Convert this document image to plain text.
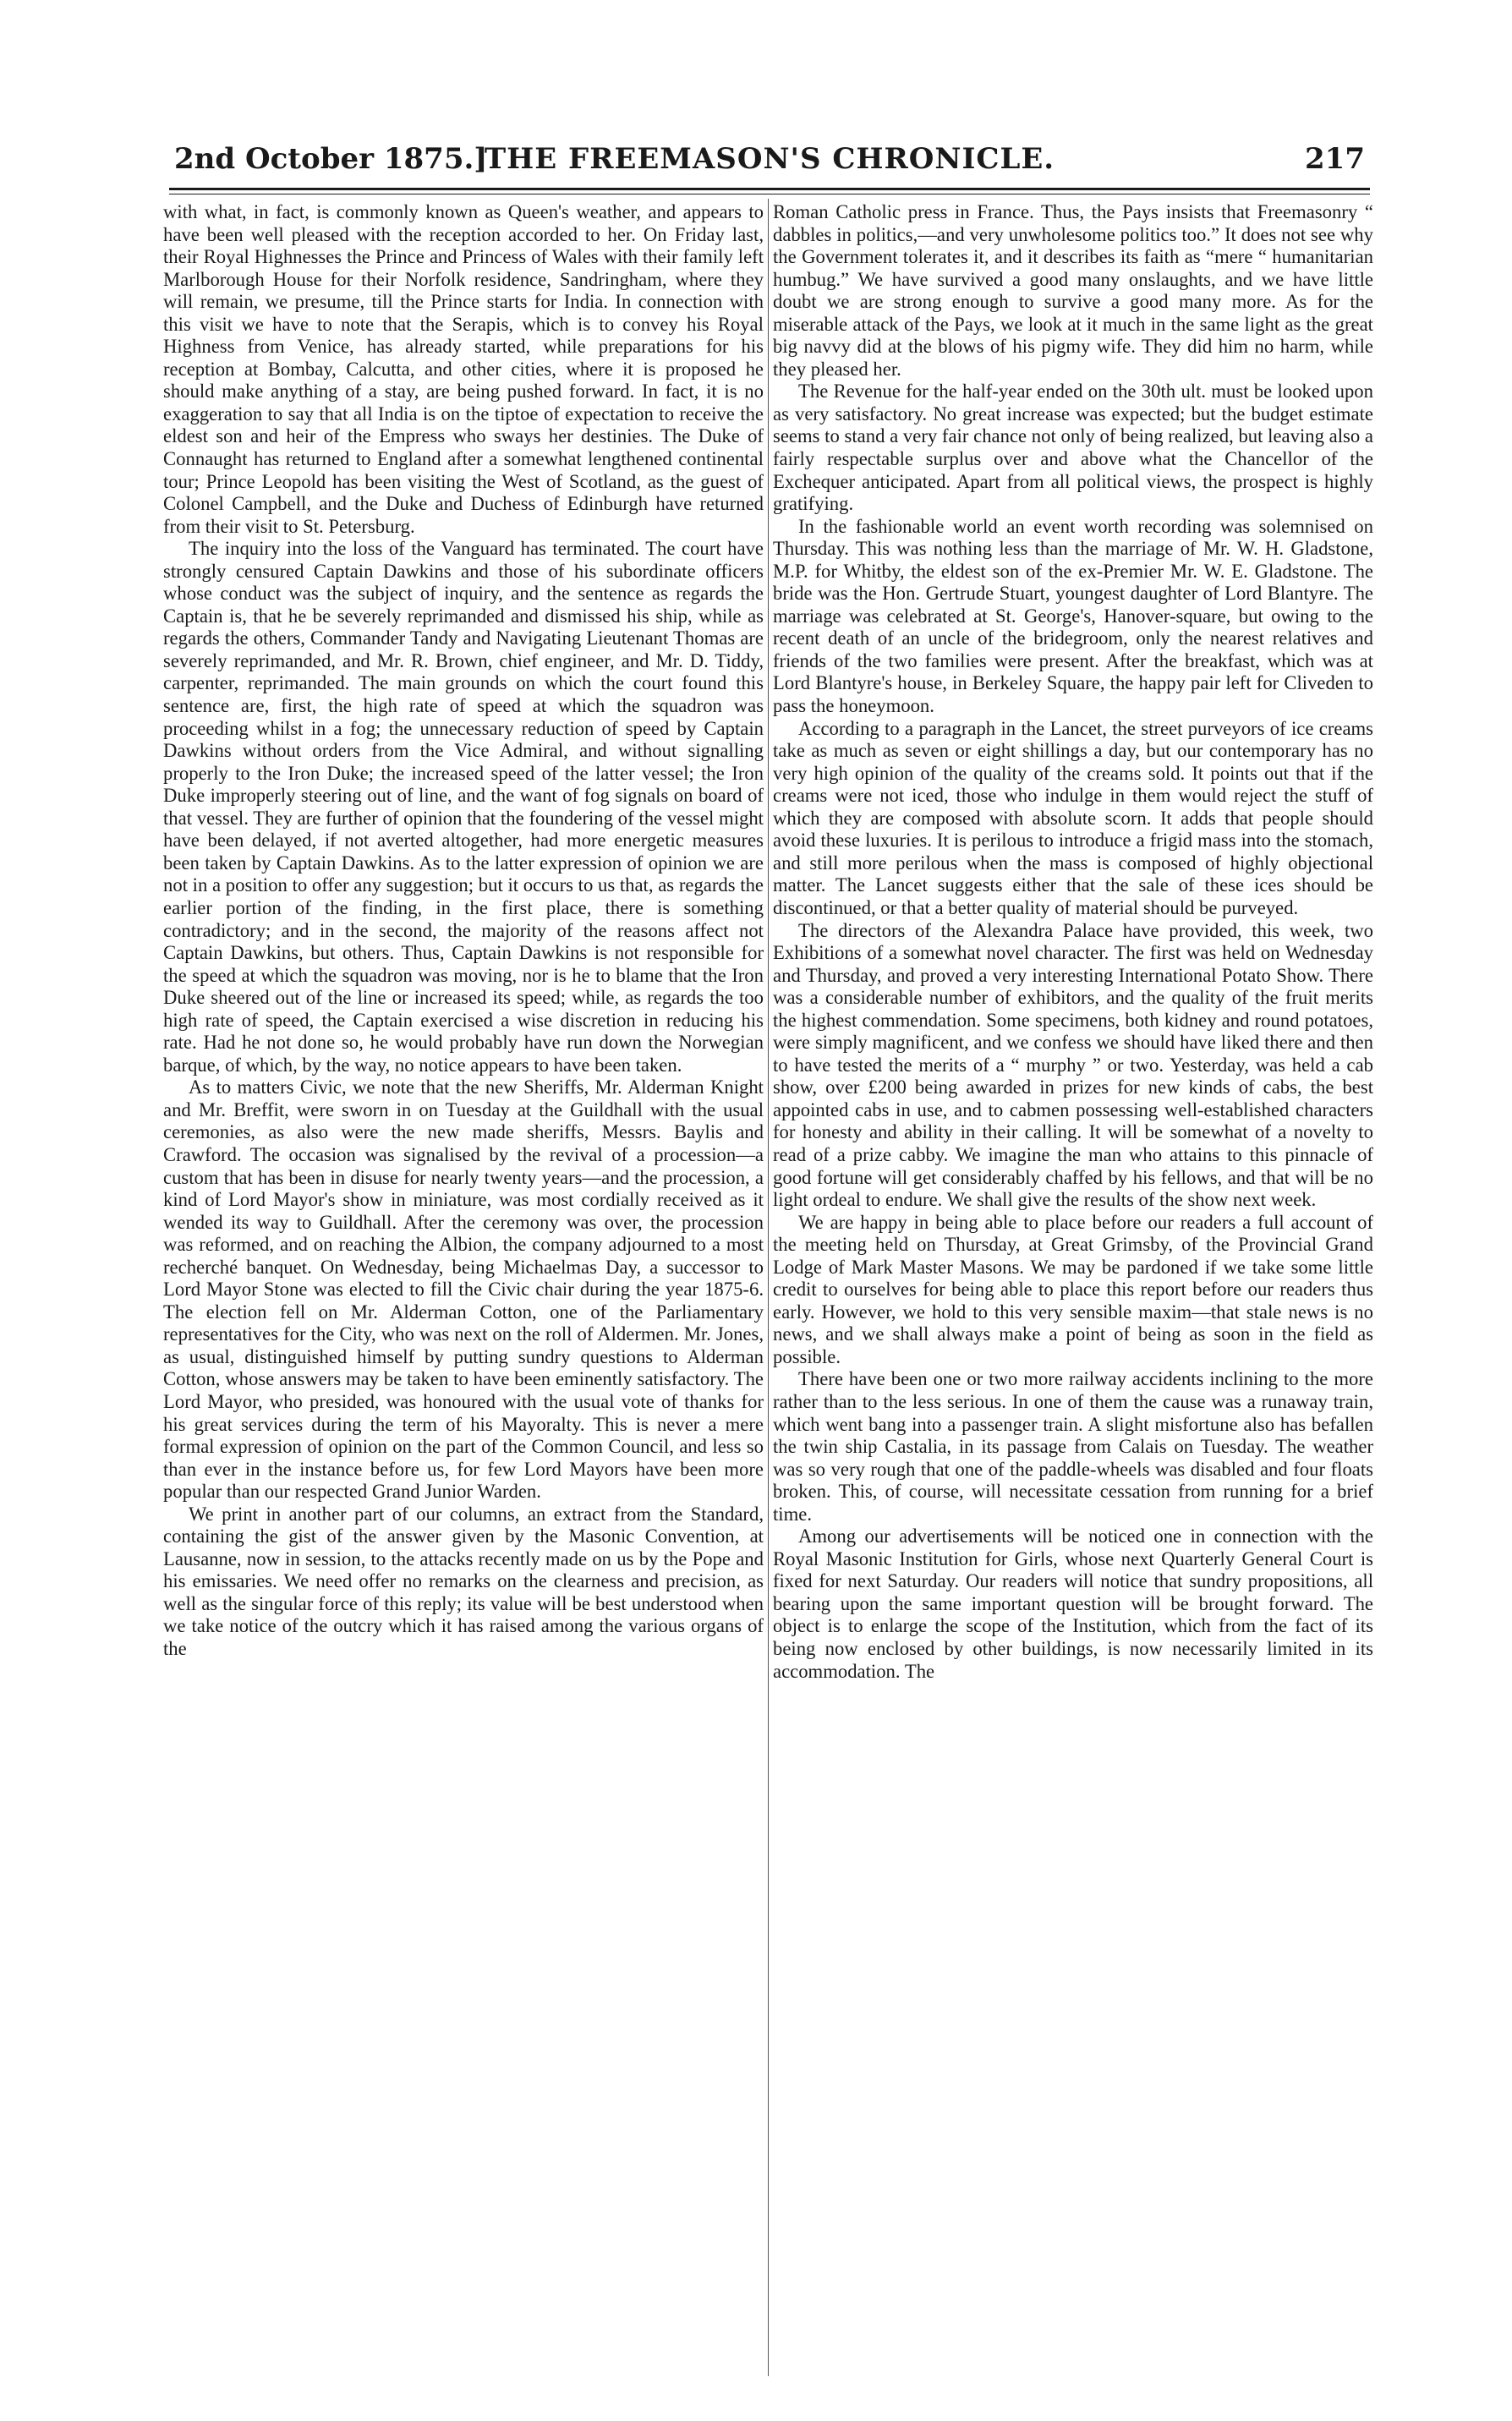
2nd October 1875.]
THE FREEMASON'S CHRONICLE.	217

with what, in fact, is commonly known as Queen's weather, and appears to have been well pleased with the reception accorded to her. On Friday last, their Royal Highnesses the Prince and Princess of Wales with their family left Marlborough House for their Norfolk residence, Sandringham, where they will remain, we presume, till the Prince starts for India. In connection with this visit we have to note that the Serapis, which is to convey his Royal Highness from Venice, has already started, while preparations for his reception at Bombay, Calcutta, and other cities, where it is proposed he should make anything of a stay, are being pushed forward. In fact, it is no exaggeration to say that all India is on the tiptoe of expectation to receive the eldest son and heir of the Empress who sways her destinies. The Duke of Connaught has returned to England after a somewhat lengthened continental tour; Prince Leopold has been visiting the West of Scotland, as the guest of Colonel Campbell, and the Duke and Duchess of Edinburgh have returned from their visit to St. Petersburg.

The inquiry into the loss of the Vanguard has terminated. The court have strongly censured Captain Dawkins and those of his subordinate officers whose conduct was the subject of inquiry, and the sentence as regards the Captain is, that he be severely reprimanded and dismissed his ship, while as regards the others, Commander Tandy and Navigating Lieutenant Thomas are severely reprimanded, and Mr. R. Brown, chief engineer, and Mr. D. Tiddy, carpenter, reprimanded. The main grounds on which the court found this sentence are, first, the high rate of speed at which the squadron was proceeding whilst in a fog; the unnecessary reduction of speed by Captain Dawkins without orders from the Vice Admiral, and without signalling properly to the Iron Duke; the increased speed of the latter vessel; the Iron Duke improperly steering out of line, and the want of fog signals on board of that vessel. They are further of opinion that the foundering of the vessel might have been delayed, if not averted altogether, had more energetic measures been taken by Captain Dawkins. As to the latter expression of opinion we are not in a position to offer any suggestion; but it occurs to us that, as regards the earlier portion of the finding, in the first place, there is something contradictory; and in the second, the majority of the reasons affect not Captain Dawkins, but others. Thus, Captain Dawkins is not responsible for the speed at which the squadron was moving, nor is he to blame that the Iron Duke sheered out of the line or increased its speed; while, as regards the too high rate of speed, the Captain exercised a wise discretion in reducing his rate. Had he not done so, he would probably have run down the Norwegian barque, of which, by the way, no notice appears to have been taken.

As to matters Civic, we note that the new Sheriffs, Mr. Alderman Knight and Mr. Breffit, were sworn in on Tuesday at the Guildhall with the usual ceremonies, as also were the new made sheriffs, Messrs. Baylis and Crawford. The occasion was signalised by the revival of a procession—a custom that has been in disuse for nearly twenty years—and the procession, a kind of Lord Mayor's show in miniature, was most cordially received as it wended its way to Guildhall. After the ceremony was over, the procession was reformed, and on reaching the Albion, the company adjourned to a most recherché banquet. On Wednesday, being Michaelmas Day, a successor to Lord Mayor Stone was elected to fill the Civic chair during the year 1875-6. The election fell on Mr. Alderman Cotton, one of the Parliamentary representatives for the City, who was next on the roll of Aldermen. Mr. Jones, as usual, distinguished himself by putting sundry questions to Alderman Cotton, whose answers may be taken to have been eminently satisfactory. The Lord Mayor, who presided, was honoured with the usual vote of thanks for his great services during the term of his Mayoralty. This is never a mere formal expression of opinion on the part of the Common Council, and less so than ever in the instance before us, for few Lord Mayors have been more popular than our respected Grand Junior Warden.

We print in another part of our columns, an extract from the Standard, containing the gist of the answer given by the Masonic Convention, at Lausanne, now in session, to the attacks recently made on us by the Pope and his emissaries. We need offer no remarks on the clearness and precision, as well as the singular force of this reply; its value will be best understood when we take notice of the outcry which it has raised among the various organs of the

Roman Catholic press in France. Thus, the Pays insists that Freemasonry “ dabbles in politics,—and very unwholesome politics too.” It does not see why the Government tolerates it, and it describes its faith as “mere “ humanitarian humbug.” We have survived a good many onslaughts, and we have little doubt we are strong enough to survive a good many more. As for the miserable attack of the Pays, we look at it much in the same light as the great big navvy did at the blows of his pigmy wife. They did him no harm, while they pleased her.

The Revenue for the half-year ended on the 30th ult. must be looked upon as very satisfactory. No great increase was expected; but the budget estimate seems to stand a very fair chance not only of being realized, but leaving also a fairly respectable surplus over and above what the Chancellor of the Exchequer anticipated. Apart from all political views, the prospect is highly gratifying.

In the fashionable world an event worth recording was solemnised on Thursday. This was nothing less than the marriage of Mr. W. H. Gladstone, M.P. for Whitby, the eldest son of the ex-Premier Mr. W. E. Gladstone. The bride was the Hon. Gertrude Stuart, youngest daughter of Lord Blantyre. The marriage was celebrated at St. George's, Hanover-square, but owing to the recent death of an uncle of the bridegroom, only the nearest relatives and friends of the two families were present. After the breakfast, which was at Lord Blantyre's house, in Berkeley Square, the happy pair left for Cliveden to pass the honeymoon.

According to a paragraph in the Lancet, the street purveyors of ice creams take as much as seven or eight shillings a day, but our contemporary has no very high opinion of the quality of the creams sold. It points out that if the creams were not iced, those who indulge in them would reject the stuff of which they are composed with absolute scorn. It adds that people should avoid these luxuries. It is perilous to introduce a frigid mass into the stomach, and still more perilous when the mass is composed of highly objectional matter. The Lancet suggests either that the sale of these ices should be discontinued, or that a better quality of material should be purveyed.

The directors of the Alexandra Palace have provided, this week, two Exhibitions of a somewhat novel character. The first was held on Wednesday and Thursday, and proved a very interesting International Potato Show. There was a considerable number of exhibitors, and the quality of the fruit merits the highest commendation. Some specimens, both kidney and round potatoes, were simply magnificent, and we confess we should have liked there and then to have tested the merits of a “ murphy ” or two. Yesterday, was held a cab show, over £200 being awarded in prizes for new kinds of cabs, the best appointed cabs in use, and to cabmen possessing well-established characters for honesty and ability in their calling. It will be somewhat of a novelty to read of a prize cabby. We imagine the man who attains to this pinnacle of good fortune will get considerably chaffed by his fellows, and that will be no light ordeal to endure. We shall give the results of the show next week.

We are happy in being able to place before our readers a full account of the meeting held on Thursday, at Great Grimsby, of the Provincial Grand Lodge of Mark Master Masons. We may be pardoned if we take some little credit to ourselves for being able to place this report before our readers thus early. However, we hold to this very sensible maxim—that stale news is no news, and we shall always make a point of being as soon in the field as possible.

There have been one or two more railway accidents inclining to the more rather than to the less serious. In one of them the cause was a runaway train, which went bang into a passenger train. A slight misfortune also has befallen the twin ship Castalia, in its passage from Calais on Tuesday. The weather was so very rough that one of the paddle-wheels was disabled and four floats broken. This, of course, will necessitate cessation from running for a brief time.

Among our advertisements will be noticed one in connection with the Royal Masonic Institution for Girls, whose next Quarterly General Court is fixed for next Saturday. Our readers will notice that sundry propositions, all bearing upon the same important question will be brought forward. The object is to enlarge the scope of the Institution, which from the fact of its being now enclosed by other buildings, is now necessarily limited in its accommodation. The
